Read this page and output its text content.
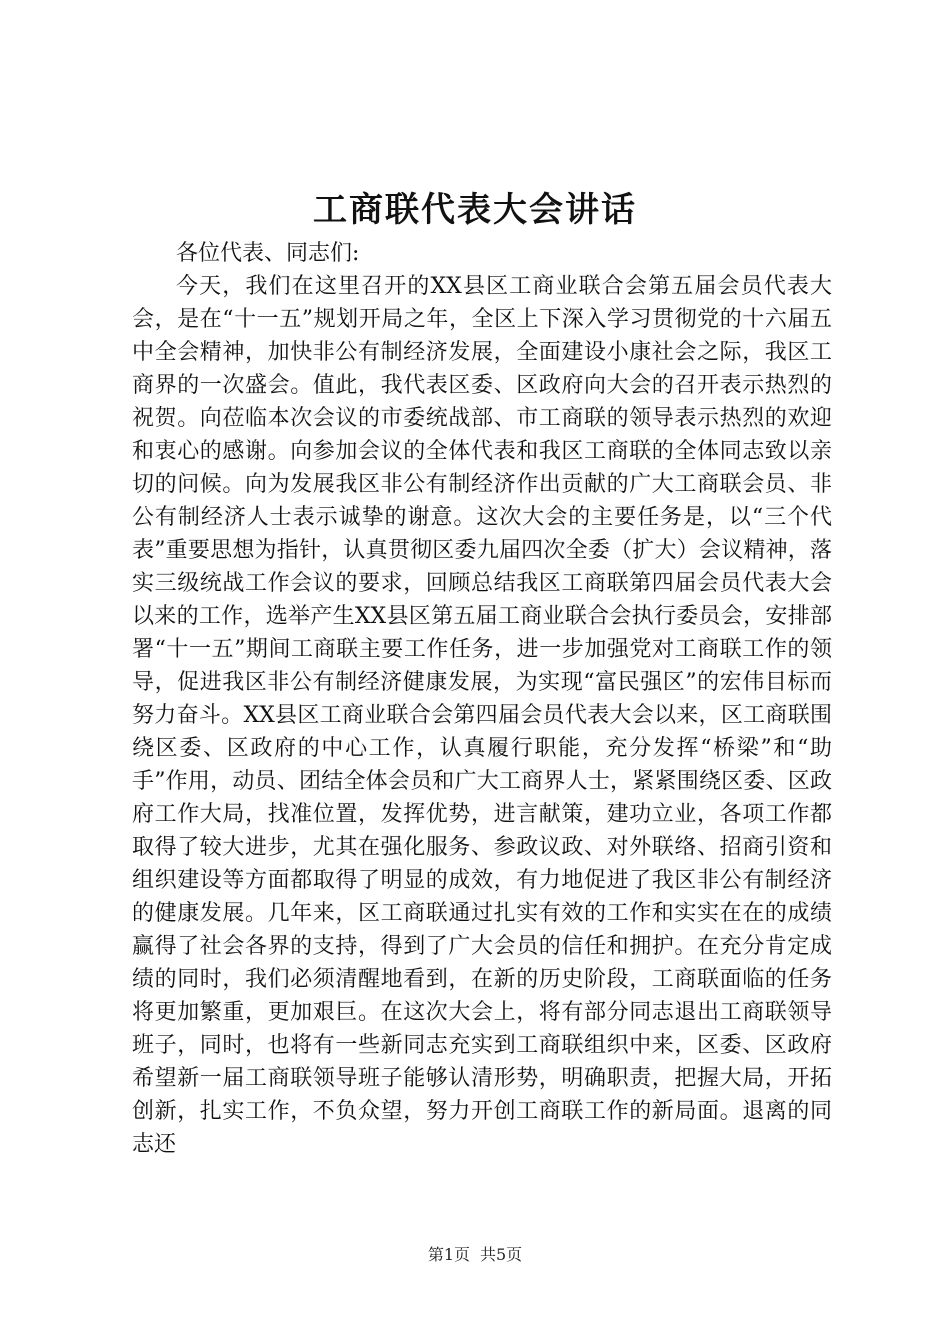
工商联代表大会讲话

各位代表、同志们:

今天，我们在这里召开的XX县区工商业联合会第五届会员代表大会，是在“十一五”规划开局之年，全区上下深入学习贯彻党的十六届五中全会精神，加快非公有制经济发展，全面建设小康社会之际，我区工商界的一次盛会。值此，我代表区委、区政府向大会的召开表示热烈的祝贺。向莅临本次会议的市委统战部、市工商联的领导表示热烈的欢迎和衷心的感谢。向参加会议的全体代表和我区工商联的全体同志致以亲切的问候。向为发展我区非公有制经济作出贡献的广大工商联会员、非公有制经济人士表示诚挚的谢意。这次大会的主要任务是，以“三个代表”重要思想为指针，认真贯彻区委九届四次全委（扩大）会议精神，落实三级统战工作会议的要求，回顾总结我区工商联第四届会员代表大会以来的工作，选举产生XX县区第五届工商业联合会执行委员会，安排部署“十一五”期间工商联主要工作任务，进一步加强党对工商联工作的领导，促进我区非公有制经济健康发展，为实现“富民强区”的宏伟目标而努力奋斗。XX县区工商业联合会第四届会员代表大会以来，区工商联围绕区委、区政府的中心工作，认真履行职能，充分发挥“桥梁”和“助手”作用，动员、团结全体会员和广大工商界人士，紧紧围绕区委、区政府工作大局，找准位置，发挥优势，进言献策，建功立业，各项工作都取得了较大进步，尤其在强化服务、参政议政、对外联络、招商引资和组织建设等方面都取得了明显的成效，有力地促进了我区非公有制经济的健康发展。几年来，区工商联通过扎实有效的工作和实实在在的成绩赢得了社会各界的支持，得到了广大会员的信任和拥护。在充分肯定成绩的同时，我们必须清醒地看到，在新的历史阶段，工商联面临的任务将更加繁重，更加艰巨。在这次大会上，将有部分同志退出工商联领导班子，同时，也将有一些新同志充实到工商联组织中来，区委、区政府希望新一届工商联领导班子能够认清形势，明确职责，把握大局，开拓创新，扎实工作，不负众望，努力开创工商联工作的新局面。退离的同志还

第1页 共5页
